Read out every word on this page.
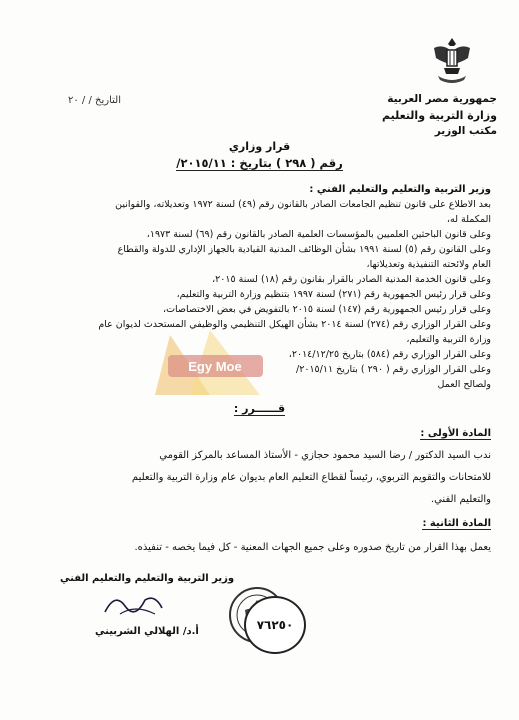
جمهورية مصر العربية
وزارة التربية والتعليم
مكتب الوزير
التاريخ / / ٢٠
قرار وزاري
رقم ( ٢٩٨ ) بتاريخ : ٢٠١٥/١١/
وزير التربية والتعليم والتعليم الفني :
بعد الاطلاع على قانون تنظيم الجامعات الصادر بالقانون رقم (٤٩) لسنة ١٩٧٢ وتعديلاته، والقوانين
المكملة له،
وعلى قانون الباحثين العلميين بالمؤسسات العلمية الصادر بالقانون رقم (٦٩) لسنة ١٩٧٣،
وعلى القانون رقم (٥) لسنة ١٩٩١ بشأن الوظائف المدنية القيادية بالجهاز الإداري للدولة والقطاع
العام ولائحته التنفيذية وتعديلاتها،
وعلى قانون الخدمة المدنية الصادر بالقرار بقانون رقم (١٨) لسنة ٢٠١٥،
وعلى قرار رئيس الجمهورية رقم (٢٧١) لسنة ١٩٩٧ بتنظيم وزارة التربية والتعليم،
وعلى قرار رئيس الجمهورية رقم (١٤٧) لسنة ٢٠١٥ بالتفويض في بعض الاختصاصات،
وعلى القرار الوزاري رقم (٢٧٤) لسنة ٢٠١٤ بشأن الهيكل التنظيمي والوظيفي المستحدث لديوان عام
وزارة التربية والتعليم،
وعلى القرار الوزاري رقم (٥٨٤) بتاريخ ٢٠١٤/١٢/٢٥،
وعلى القرار الوزاري رقم ( ٢٩٠ ) بتاريخ ٢٠١٥/١١/
ولصالح العمل
Egy Moe
قــــــرر :
المادة الأولى :
ندب السيد الدكتور / رضا السيد محمود حجازي - الأستاذ المساعد بالمركز القومي
للامتحانات والتقويم التربوي، رئيساً لقطاع التعليم العام بديوان عام وزارة التربية والتعليم
والتعليم الفني.
المادة الثانية :
يعمل بهذا القرار من تاريخ صدوره وعلى جميع الجهات المعنية - كل فيما يخصه - تنفيذه.
وزير التربية والتعليم والتعليم الفني
أ.د/ الهلالي الشربيني	٧٦٢٥٠
